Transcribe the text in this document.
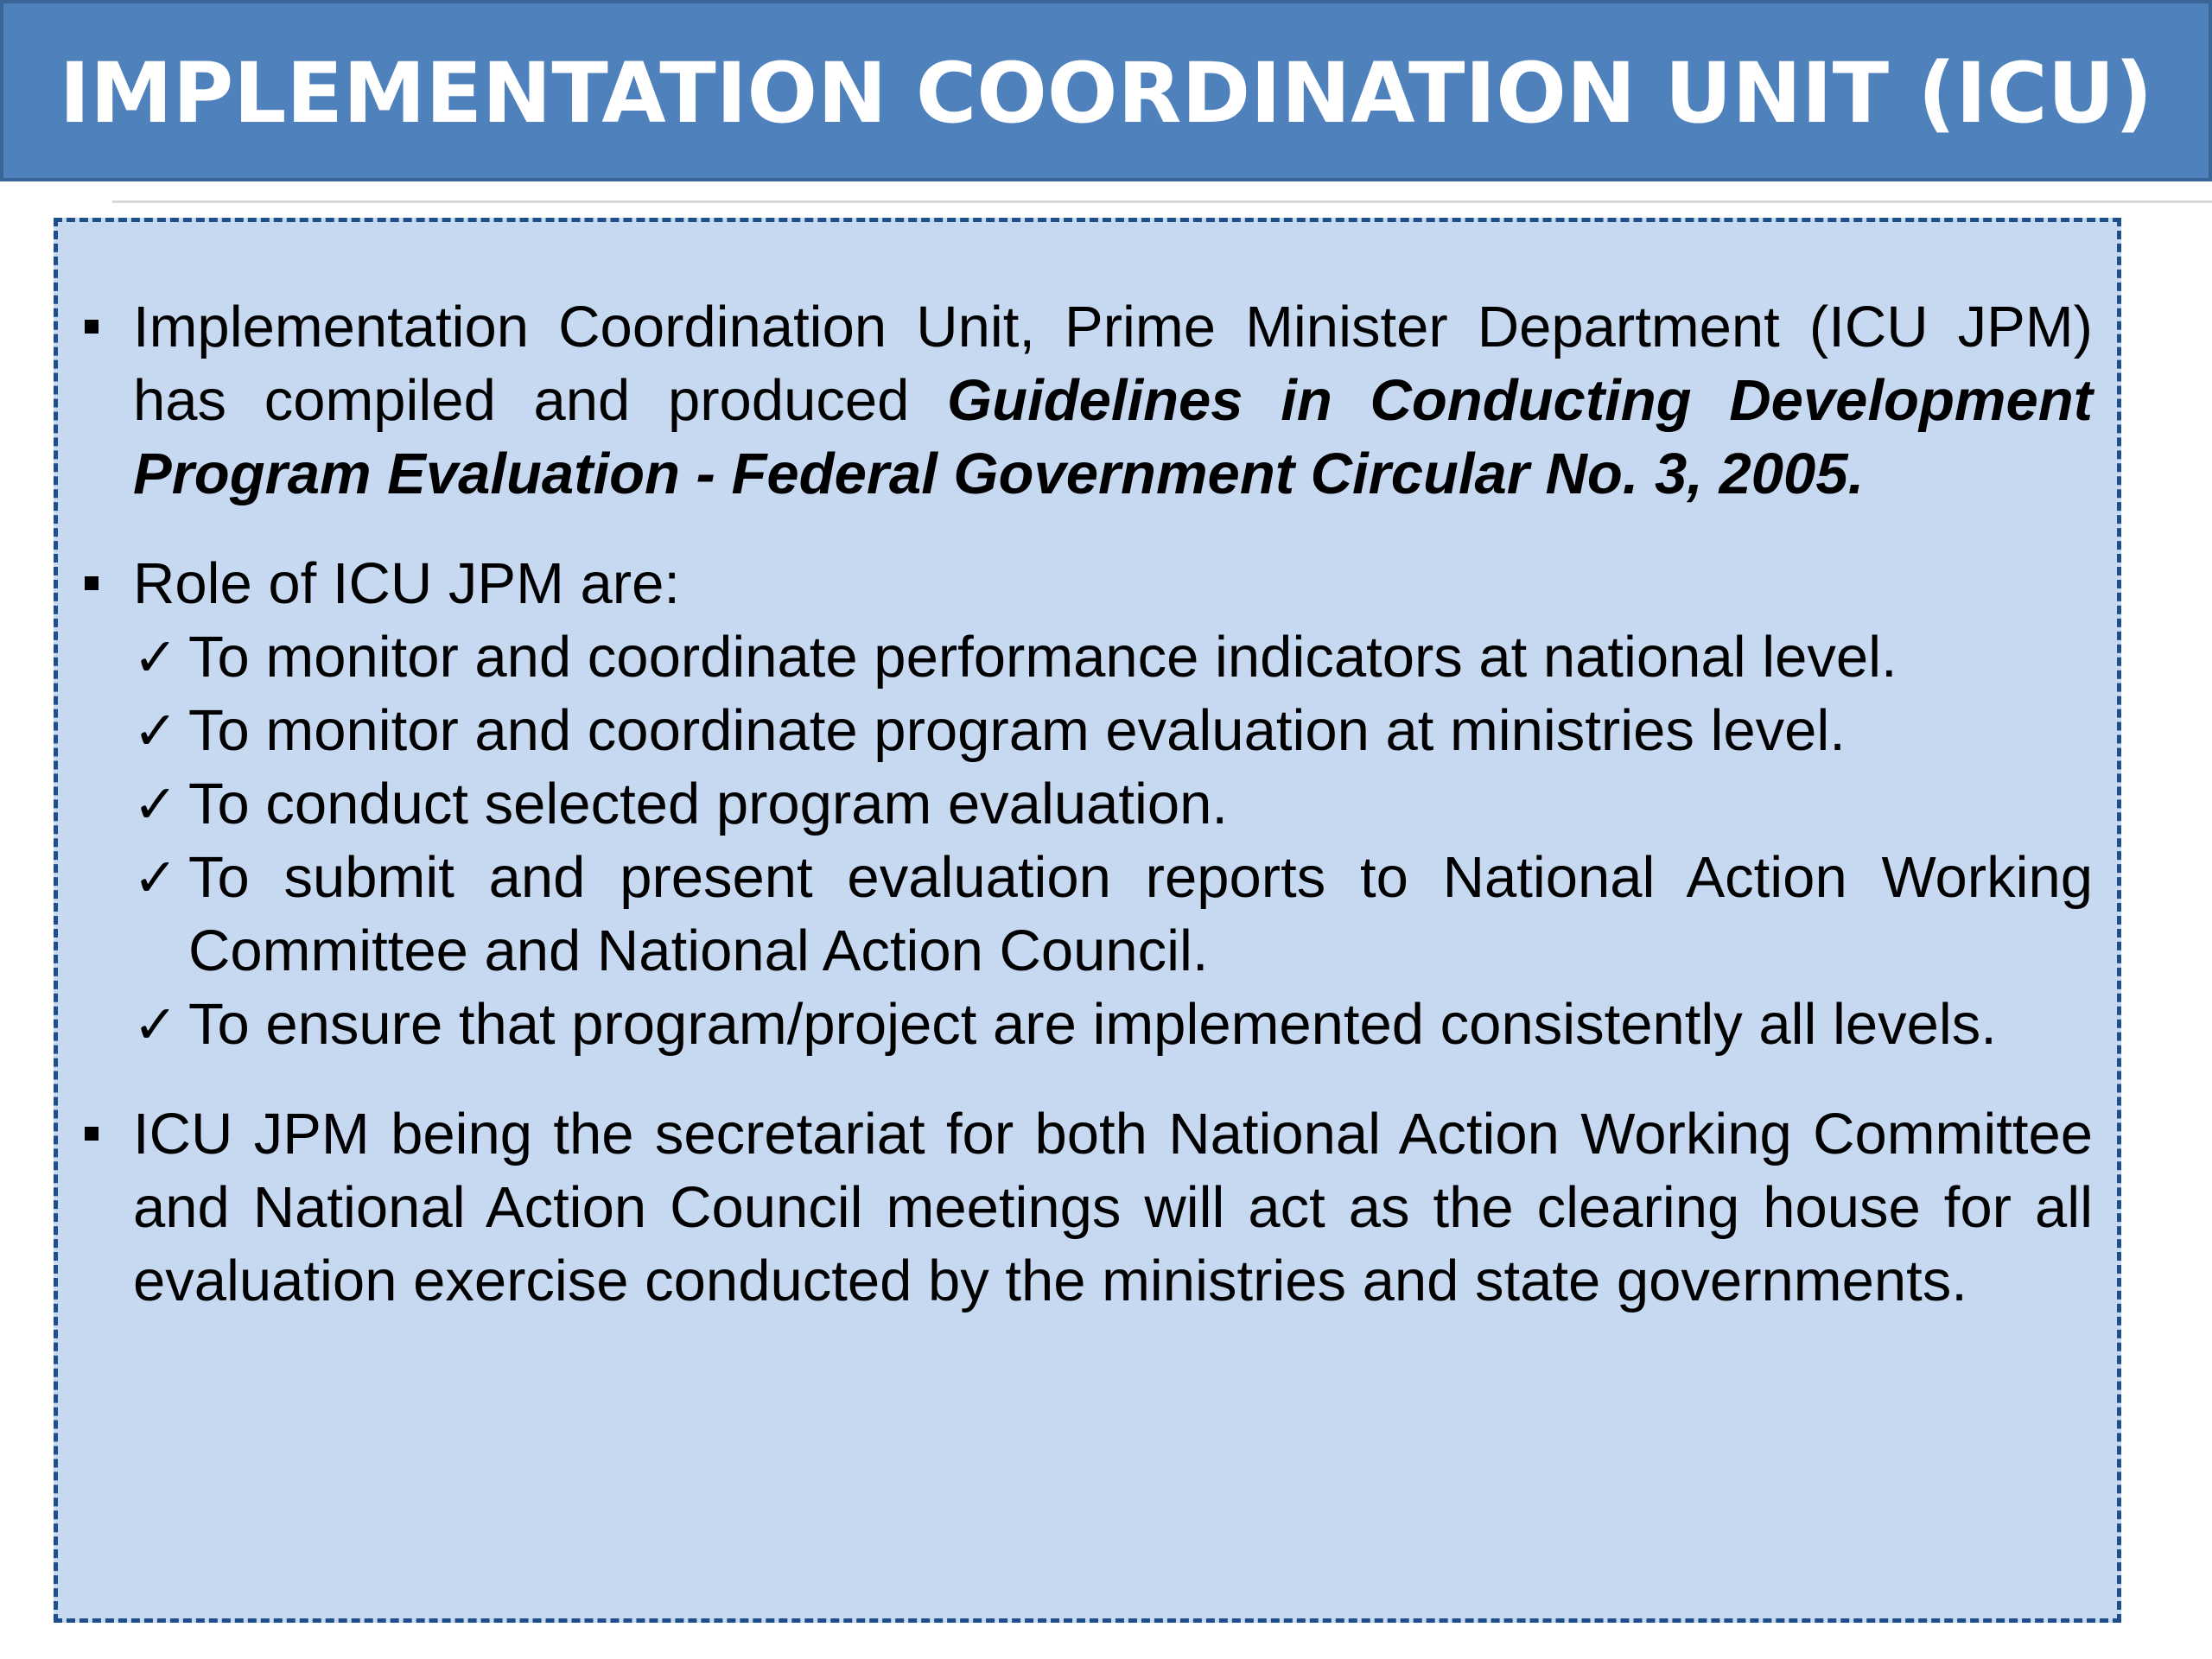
IMPLEMENTATION COORDINATION UNIT (ICU)
Implementation Coordination Unit, Prime Minister Department (ICU JPM) has compiled and produced Guidelines in Conducting Development Program Evaluation - Federal Government Circular No. 3, 2005.
Role of ICU JPM are:
✓ To monitor and coordinate performance indicators at national level.
✓ To monitor and coordinate program evaluation at ministries level.
✓ To conduct selected program evaluation.
✓ To submit and present evaluation reports to National Action Working Committee and National Action Council.
✓ To ensure that program/project are implemented consistently all levels.
ICU JPM being the secretariat for both National Action Working Committee and National Action Council meetings will act as the clearing house for all evaluation exercise conducted by the ministries and state governments.
